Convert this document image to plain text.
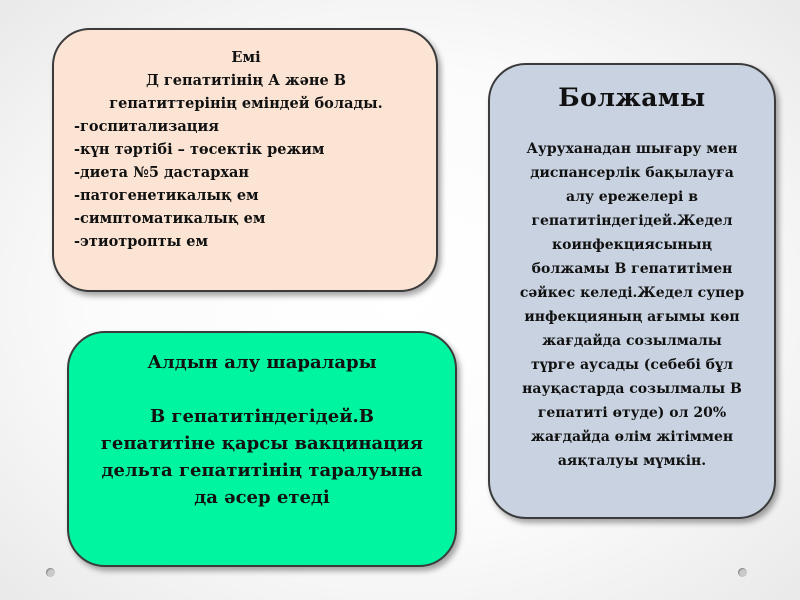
Емі
Д гепатитінің А және В
гепатиттерінің еміндей болады.
-госпитализация
-күн тәртібі – төсектік режим
-диета №5 дастархан
-патогенетикалық ем
-симптоматикалық ем
-этиотропты ем
Болжамы
Ауруханадан шығару мен
диспансерлік бақылауға
алу ережелері в
гепатитіндегідей.Жедел
коинфекциясының
болжамы В гепатитімен
сәйкес келеді.Жедел супер
инфекцияның ағымы көп
жағдайда созылмалы
түрге аусады (себебі бұл
науқастарда созылмалы В
гепатиті өтуде) ол 20%
жағдайда өлім жітіммен
аяқталуы мүмкін.
Алдын алу шаралары
В гепатитіндегідей.В
гепатитіне қарсы вакцинация
дельта гепатитінің таралуына
да әсер етеді
